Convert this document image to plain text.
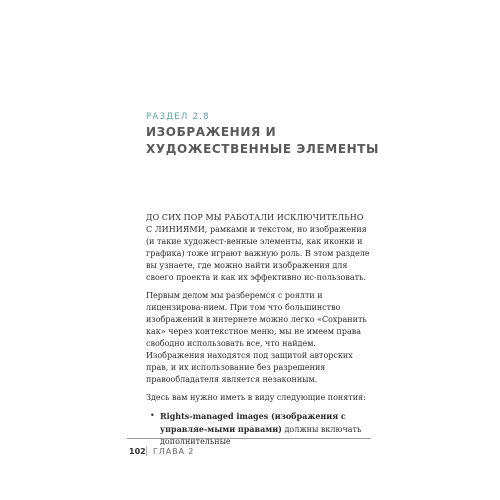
РАЗДЕЛ 2.8
ИЗОБРАЖЕНИЯ И ХУДОЖЕСТВЕННЫЕ ЭЛЕМЕНТЫ

ДО СИХ ПОР МЫ РАБОТАЛИ ИСКЛЮЧИТЕЛЬНО С ЛИНИЯМИ, рамками и текстом, но изображения (и такие художест-венные элементы, как иконки и графика) тоже играют важную роль. В этом разделе вы узнаете, где можно найти изображения для своего проекта и как их эффективно ис-пользовать.

Первым делом мы разберемся с роялти и лицензирова-нием. При том что большинство изображений в интернете можно легко «Сохранить как» через контекстное меню, мы не имеем права свободно использовать все, что найдем. Изображения находятся под защитой авторских прав, и их использование без разрешения правообладателя является незаконным.

Здесь вам нужно иметь в виду следующие понятия:

• Rights-managed images (изображения с управляе-мыми правами) должны включать дополнительные
102 ГЛАВА 2
